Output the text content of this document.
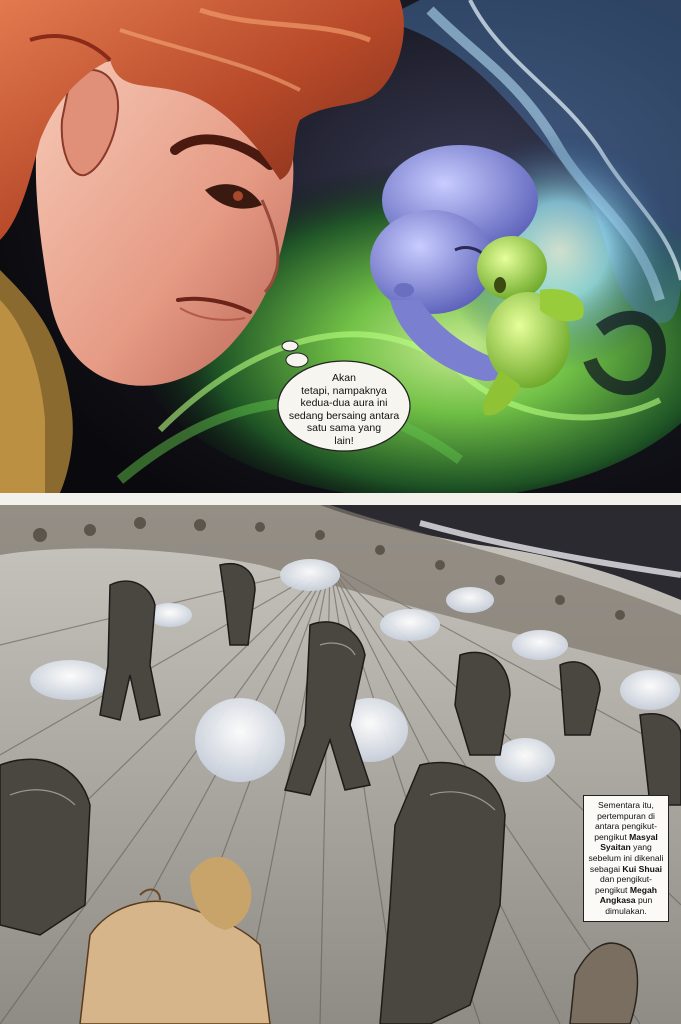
Akan
tetapi, nampaknya
kedua-dua aura ini
sedang bersaing antara
satu sama yang
lain!
Sementara itu, pertempuran di antara pengikut-pengikut Masyal Syaitan yang sebelum ini dikenali sebagai Kui Shuai dan pengikut-pengikut Megah Angkasa pun dimulakan.
